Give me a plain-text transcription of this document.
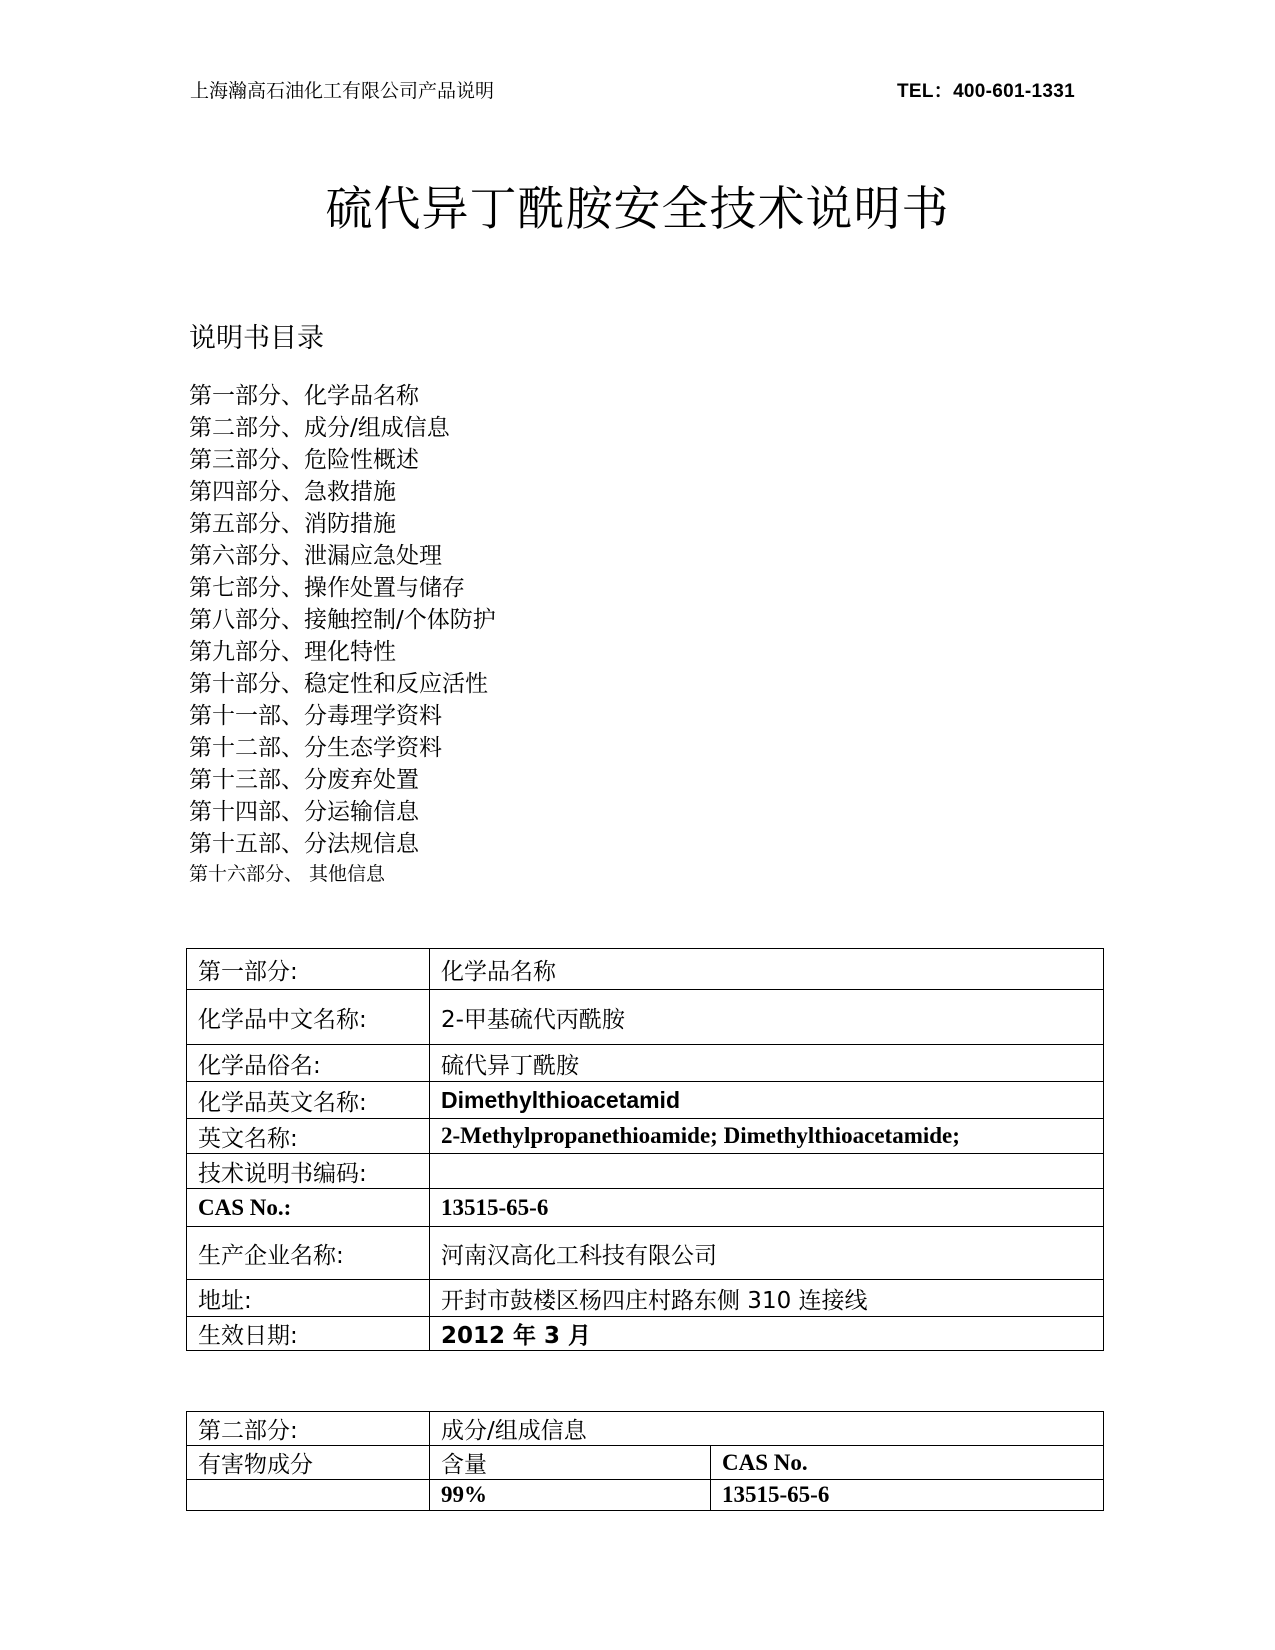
上海瀚高石油化工有限公司产品说明	TEL：400-601-1331
硫代异丁酰胺安全技术说明书
说明书目录
第一部分、化学品名称
第二部分、成分/组成信息
第三部分、危险性概述
第四部分、急救措施
第五部分、消防措施
第六部分、泄漏应急处理
第七部分、操作处置与储存
第八部分、接触控制/个体防护
第九部分、理化特性
第十部分、稳定性和反应活性
第十一部、分毒理学资料
第十二部、分生态学资料
第十三部、分废弃处置
第十四部、分运输信息
第十五部、分法规信息
第十六部分、 其他信息
第一部分:	化学品名称
化学品中文名称:	2-甲基硫代丙酰胺
化学品俗名:	硫代异丁酰胺
化学品英文名称:	Dimethylthioacetamid
英文名称:	2-Methylpropanethioamide; Dimethylthioacetamide;
技术说明书编码:	
CAS No.:	13515-65-6
生产企业名称:	河南汉高化工科技有限公司
地址:	开封市鼓楼区杨四庄村路东侧 310 连接线
生效日期:	2012 年 3 月
第二部分:	成分/组成信息	
有害物成分	含量	CAS No.
	99%	13515-65-6
